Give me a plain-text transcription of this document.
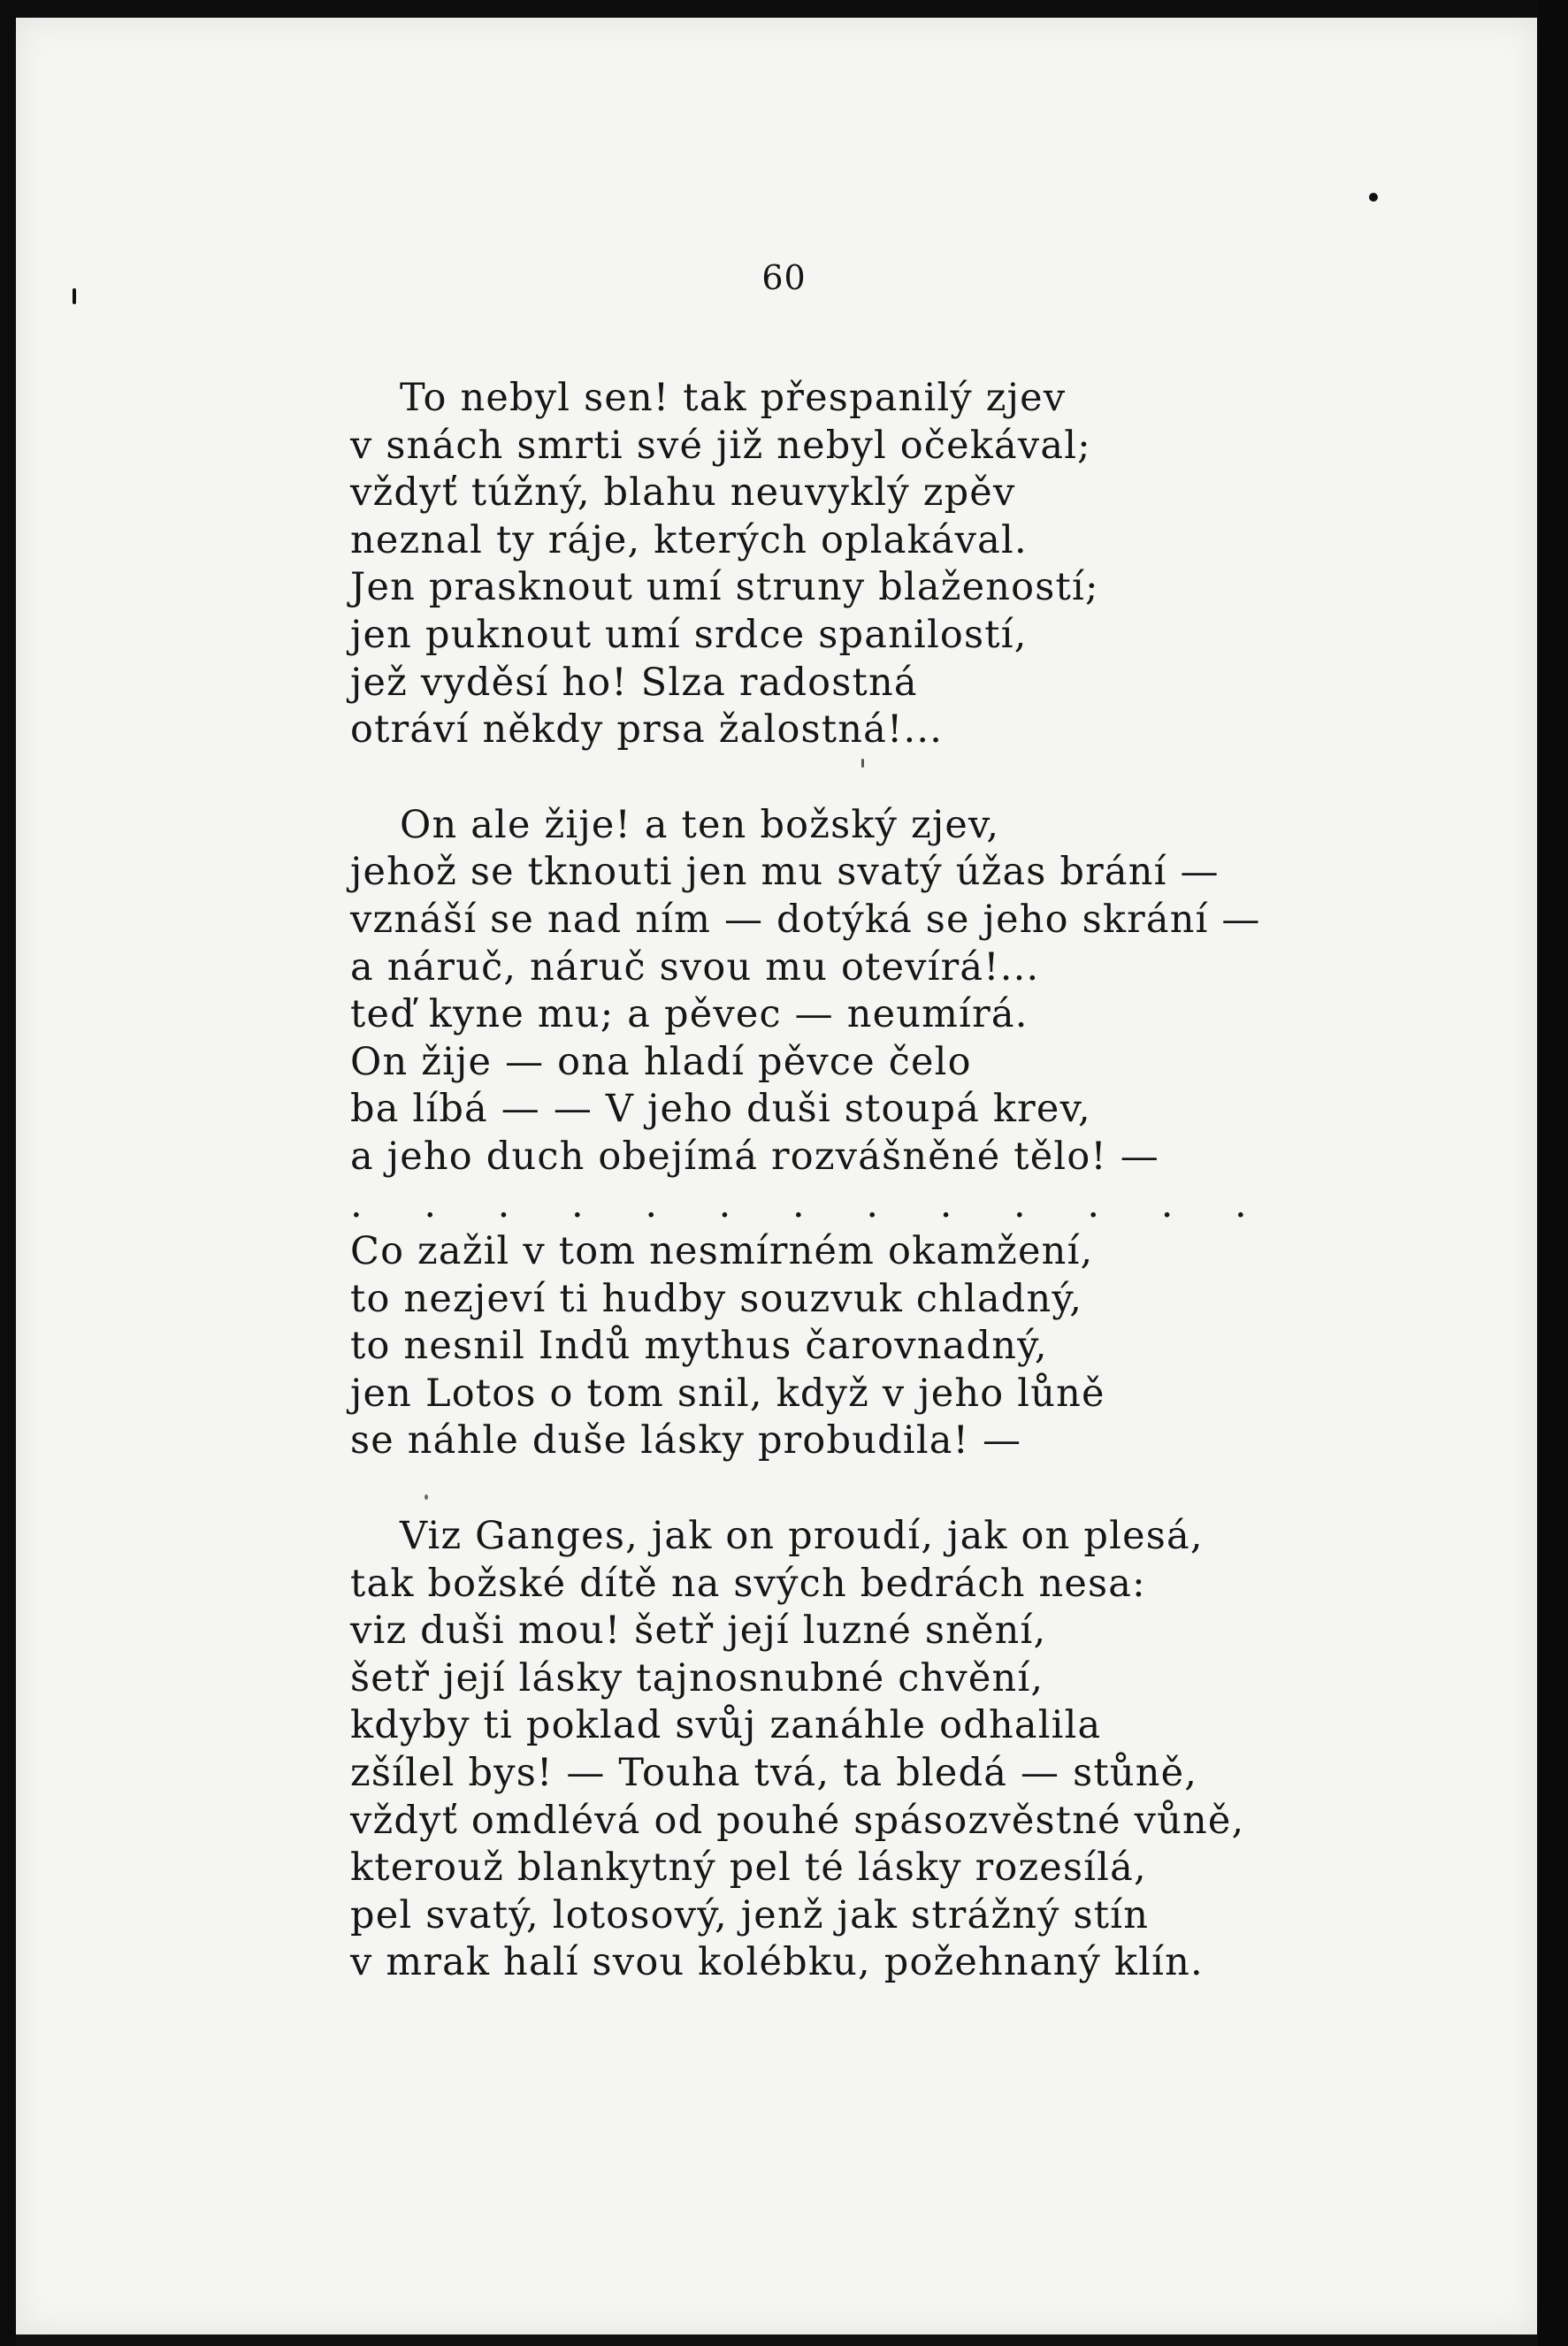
60
To nebyl sen! tak přespanilý zjev
v snách smrti své již nebyl očekával;
vždyť túžný, blahu neuvyklý zpěv
neznal ty ráje, kterých oplakával.
Jen prasknout umí struny blažeností;
jen puknout umí srdce spanilostí,
jež vyděsí ho! Slza radostná
otráví někdy prsa žalostná!...
On ale žije! a ten božský zjev,
jehož se tknouti jen mu svatý úžas brání —
vznáší se nad ním — dotýká se jeho skrání —
a náruč, náruč svou mu otevírá!...
teď kyne mu; a pěvec — neumírá.
On žije — ona hladí pěvce čelo
ba líbá — — V jeho duši stoupá krev,
a jeho duch obejímá rozvášněné tělo! —
. . . . . . . . . . . . .
Co zažil v tom nesmírném okamžení,
to nezjeví ti hudby souzvuk chladný,
to nesnil Indů mythus čarovnadný,
jen Lotos o tom snil, když v jeho lůně
se náhle duše lásky probudila! —
Viz Ganges, jak on proudí, jak on plesá,
tak božské dítě na svých bedrách nesa:
viz duši mou! šetř její luzné snění,
šetř její lásky tajnosnubné chvění,
kdyby ti poklad svůj zanáhle odhalila
zšílel bys! — Touha tvá, ta bledá — stůně,
vždyť omdlévá od pouhé spásozvěstné vůně,
kterouž blankytný pel té lásky rozesílá,
pel svatý, lotosový, jenž jak strážný stín
v mrak halí svou kolébku, požehnaný klín.
